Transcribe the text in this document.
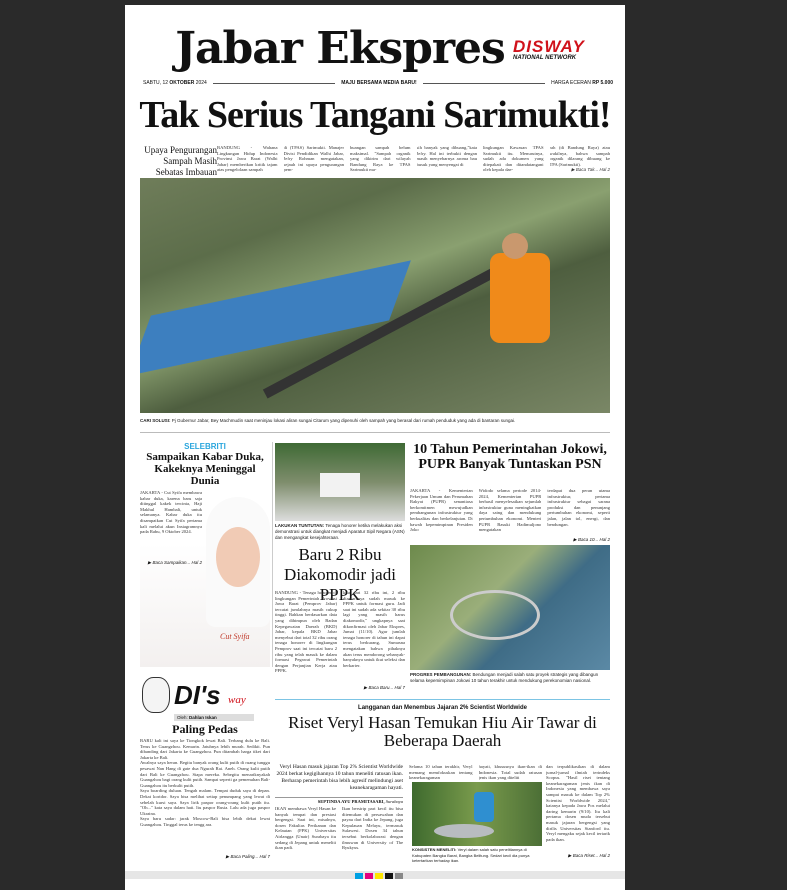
Jabar Ekspres DISWAY
NATIONAL NETWORK
SABTU, 12 OKTOBER 2024	MAJU BERSAMA MEDIA BARU!	HARGA ECERAN RP 5.000
Tak Serius Tangani Sarimukti!
Upaya Pengurangan Sampah Masih Sebatas Imbauan
BANDUNG - Wahana Lingkungan Hidup Indonesia Provinsi Jawa Barat (Walhi Jabar) memberikan kritik tajam atas pengelolaan sampah
di (TPAS) Sarimukti. Manajer Divisi Pendidikan Walhi Jabar, Jefry Rohman mengatakan, sejauh ini upaya pengurangan pem-
buangan sampah belum maksimal. "Sampah organik yang dikirim dari wilayah Bandung Raya ke TPAS Sarimukti ma-
sih banyak yang dibuang,"kata Jefry. Hal ini terbukti dengan masih menyebarnya aroma bau busuk yang menyengat di
lingkungan Kawasan TPAS Sarimukti itu. Menurutnya, sudah ada dokumen yang ditepakati dan ditandatangani oleh kepala dae-
rah (di Bandung Raya) atau wakilnya, bahwa sampah organik dilarang dibuang ke TPA (Sarimukti).
▶ Baca Tak... Hal 2
CARI SOLUSI: Pj Gubernur Jabar, Bey Machmudin saat meninjau lokasi aliran sungai Citarum yang dipenuhi oleh sampah yang berasal dari rumah penduduk yang ada di bantaran sungai.
SELEBRITI
Sampaikan Kabar Duka, Kakeknya Meninggal Dunia
JAKARTA - Cut Syifa membawa kabar duka, karena baru saja ditinggal kakek tercinta, Haji Makhul Hambali, untuk selamanya. Kabar duka itu disampaikan Cut Syifa pertama kali melalui akun Instagramnya pada Rabu, 9 Oktober 2024.
▶ Baca Sampaikan... Hal 2
Cut Syifa
LAKUKAN TUNTUTAN: Tenaga honorer ketika melakukan aksi demonstrasi untuk diangkat menjadi Aparatur Sipil Negara (ASN) dan mengangkat kesejahteraan.
Baru 2 Ribu Diakomodir jadi PPPK
BANDUNG - Tenaga honorer di lingkungan Pemerintah Provinsi Jawa Barat (Pemprov Jabar) tercatat jumlahnya masih cukup tinggi. Bahkan berdasarkan data yang dihimpun oleh Badan Kepegawaian Daerah (BKD) Jabar, kepala BKD Jabar menyebut dari total 32 ribu orang tenaga honorer di lingkungan Pemprov saat ini tercatat baru 2 ribu yang telah masuk ke dalam formasi Pegawai Pemerintah dengan Perjanjian Kerja atau PPPK.
kita dari 32 ribu ini, 2 ribu diantaranya sudah masuk ke PPPK untuk formasi guru. Jadi saat ini sudah ada sekitar 30 ribu lagi yang masih harus diakomodir," ungkapnya saat dikonfirmasi oleh Jabar Ekspres, Jumat (11/10). Agar jumlah tenaga honorer di tahun ini dapat terus berkurang, Sumasna mengatakan bahwa pihaknya akan terus mendorong sebanyak-banyaknya untuk ikut seleksi dan berkarier.
▶ Baca Baru... Hal 7
10 Tahun Pemerintahan Jokowi, PUPR Banyak Tuntaskan PSN
JAKARTA - Kementerian Pekerjaan Umum dan Perumahan Rakyat (PUPR) senantiasa berkomitmen mewujudkan pembangunan infrastruktur yang berkualitas dan berkelanjutan. Di bawah kepemimpinan Presiden Joko
Widodo selama periode 2014-2024, Kementerian PUPR berhasil menyelesaikan sejumlah infrastruktur guna meningkatkan daya saing dan mendukung pertumbuhan ekonomi. Menteri PUPR Basuki Hadimuljono mengatakan
terdapat dua peran utama infrastruktur, pertama infrastruktur sebagai sarana produksi dan penunjang pertumbuhan ekonomi, seperti jalan, jalan tol, energi, dan bendungan.
▶ Baca 10... Hal 2
PROGRES PEMBANGUNAN: Bendungan menjadi salah satu proyek strategis yang dibangun selama kepemimpinan Jokowi 10 tahun terakhir untuk mendukung perekonomian nasional.
DI's way
Oleh: Dahlan Iskan
Paling Pedas

BARU kali ini saya ke Tiongkok lewat Bali. Terbang dulu ke Bali. Terus ke Guangzhou. Kemarin. Jatuhnya lebih murah. Sedikit. Pun dibanding dari Jakarta ke Guangzhou. Pun ditambah harga tiket dari Jakarta ke Bali.

Awalnya saya heran. Begitu banyak orang kulit putih di ruang tunggu pesawat Nan Hang di gate dua Ngurah Rai. Aneh. Orang kulit putih dari Bali ke Guangzhou. Siapa mereka. Sebegitu menariknyakah Guangzhou bagi orang kulit putih. Sampai seperti ga pemenuhan Bali-Guangzhou itu berkulit putih.

Saya boarding duluan. Tengah malam. Tempat duduk saya di depan. Dekat koridor. Saya bisa melihat setiap penumpang yang lewat di sebelah kursi saya. Saya lirik paspor orang-orang kulit putih itu. "Oh..." kata saya dalam hati. Itu paspor Rusia. Lalu ada juga paspor Ukraina.

Saya baru sadar: jarak Moscow-Bali bisa lebih dekat lewat Guangzhou. Tinggal terus ke tengg ara.

▶ Baca Paling... Hal 7
Langganan dan Menembus Jajaran 2% Scientist Worldwide
Riset Veryl Hasan Temukan Hiu Air Tawar di Beberapa Daerah
Veryl Hasan masuk jajaran Top 2% Scientist Worldwide 2024 berkat kegigihannya 10 tahun meneliti ratusan ikan. Berharap pemerintah bisa lebih agresif melindungi aset keanekaragaman hayati.
SEPTINDA AYU PRAMITASARI, Surabaya
IKAN membawa Veryl Hasan ke banyak tempat dan prestasi bergengsi. Saat ini, misalnya, dosen Fakultas Perikanan dan Kelautan (FPK) Universitas Airlangga (Unair) Surabaya itu sedang di Jepang untuk meneliti ikan padi.
Ikan bersirip pari kecil itu bisa ditemukan di persawahan dan payau dari India ke Jepang, juga Kepulauan Melayu, termasuk Sulawesi. Dosen 34 tahun tersebut berkolaborasi dengan ilmuwan di University of The Ryukyus.
Selama 10 tahun terakhir, Veryl memang memfokuskan tentang keanekaragaman
hayati, khususnya ikan-ikan di Indonesia. Total sudah ratusan jenis ikan yang diteliti
KONSISTEN MENELITI: Veryl dalam salah satu penelitiannya di Kabupaten Bangka Barat, Bangka Belitung. Sedari kecil dia punya ketertarikan terhadap ikan.
dan terpublikasikan di dalam jurnal-jurnal ilmiah terindeks Scopus. "Hasil riset tentang keanekaragaman jenis ikan di Indonesia yang membawa saya sampai masuk ke dalam Top 2% Scientist Worldwide 2024," katanya kepada Jawa Pos melalui daring kemarin (9/10). Itu kali pertama dosen muda tersebut masuk jajaran bergengsi yang dirilis Universitas Stanford itu. Veryl mengaku sejak kecil tertarik pada ikan.
▶ Baca Riset... Hal 2
